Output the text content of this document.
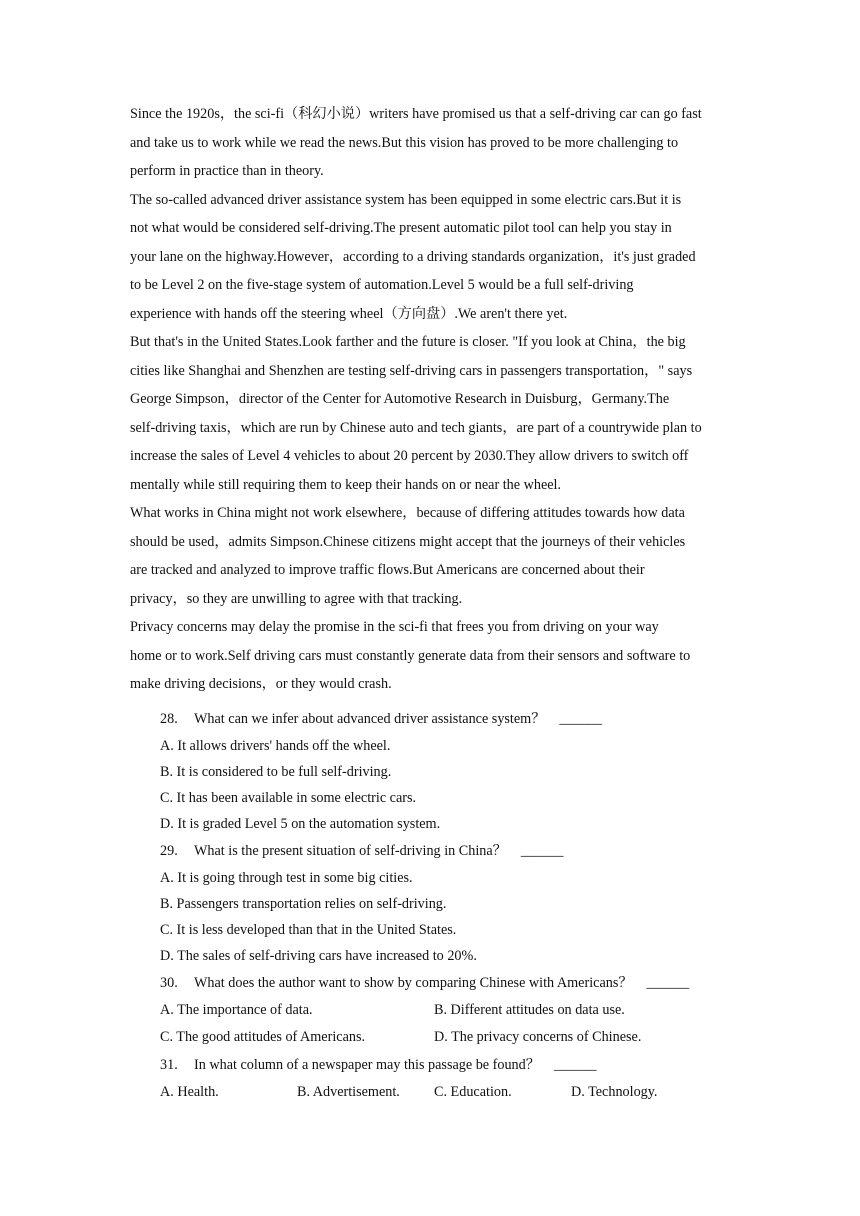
Since the 1920s，the sci-fi（科幻小说）writers have promised us that a self-driving car can go fast

and take us to work while we read the news.But this vision has proved to be more challenging to

perform in practice than in theory.

The so-called advanced driver assistance system has been equipped in some electric cars.But it is

not what would be considered self-driving.The present automatic pilot tool can help you stay in

your lane on the highway.However，according to a driving standards organization，it's just graded

to be Level 2 on the five-stage system of automation.Level 5 would be a full self-driving

experience with hands off the steering wheel（方向盘）.We aren't there yet.

But that's in the United States.Look farther and the future is closer. "If you look at China，the big

cities like Shanghai and Shenzhen are testing self-driving cars in passengers transportation，" says

George Simpson，director of the Center for Automotive Research in Duisburg，Germany.The

self-driving taxis，which are run by Chinese auto and tech giants，are part of a countrywide plan to

increase the sales of Level 4 vehicles to about 20 percent by 2030.They allow drivers to switch off

mentally while still requiring them to keep their hands on or near the wheel.

What works in China might not work elsewhere，because of differing attitudes towards how data

should be used，admits Simpson.Chinese citizens might accept that the journeys of their vehicles

are tracked and analyzed to improve traffic flows.But Americans are concerned about their

privacy，so they are unwilling to agree with that tracking.

Privacy concerns may delay the promise in the sci-fi that frees you from driving on your way

home or to work.Self driving cars must constantly generate data from their sensors and software to

make driving decisions，or they would crash.

28. What can we infer about advanced driver assistance system？ ______
A. It allows drivers' hands off the wheel.
B. It is considered to be full self-driving.
C. It has been available in some electric cars.
D. It is graded Level 5 on the automation system.
29. What is the present situation of self-driving in China？ ______
A. It is going through test in some big cities.
B. Passengers transportation relies on self-driving.
C. It is less developed than that in the United States.
D. The sales of self-driving cars have increased to 20%.
30. What does the author want to show by comparing Chinese with Americans？ ______
A. The importance of data.	B. Different attitudes on data use.
C. The good attitudes of Americans.	D. The privacy concerns of Chinese.
31. In what column of a newspaper may this passage be found？ ______
A. Health.	B. Advertisement.	C. Education.	D. Technology.
